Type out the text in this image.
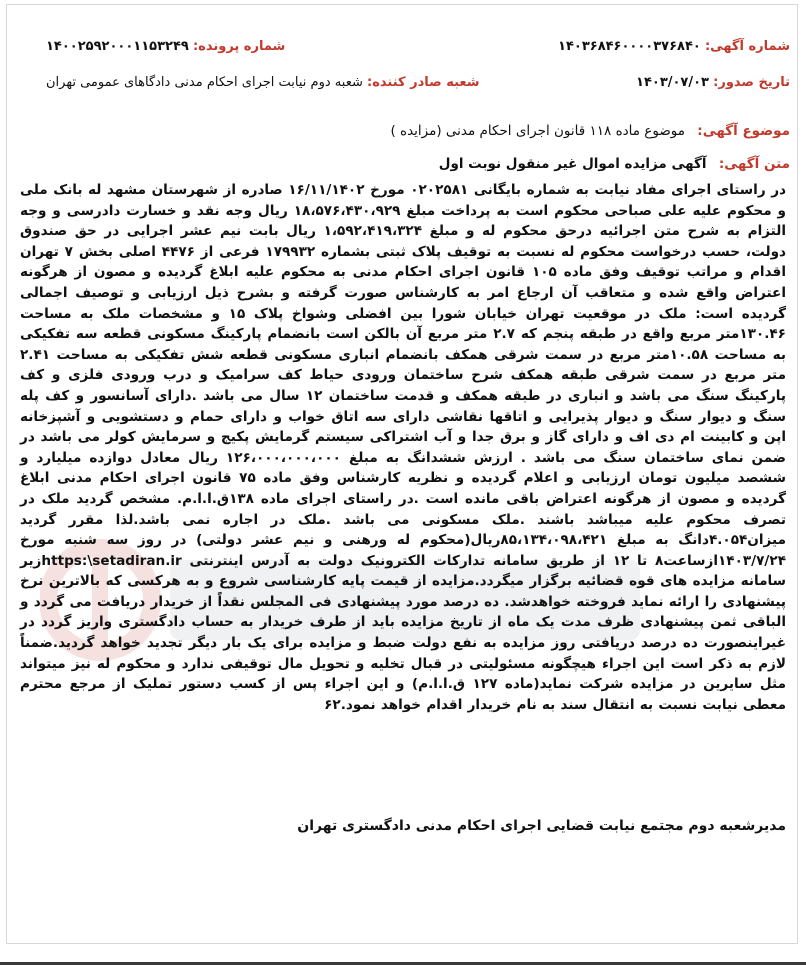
شماره آگهی: ۱۴۰۳۶۸۴۶۰۰۰۰۳۷۶۸۴۰
شماره پرونده: ۱۴۰۰۲۵۹۲۰۰۰۱۱۵۳۲۴۹
تاریخ صدور: ۱۴۰۳/۰۷/۰۳
شعبه صادر کننده: شعبه دوم نیابت اجرای احکام مدنی دادگاهای عمومی تهران
موضوع آگهی: موضوع ماده ۱۱۸ قانون اجرای احکام مدنی (مزایده )
متن آگهی: آگهی مزایده اموال غیر منقول نوبت اول
در راستای اجرای مفاد نیابت به شماره بایگانی ۰۲۰۲۵۸۱ مورخ ۱۶/۱۱/۱۴۰۲ صادره از شهرستان مشهد له بانک ملی و محکوم علیه علی صباحی محکوم است به پرداخت مبلغ ۱۸،۵۷۶،۴۳۰،۹۲۹ ریال وجه نقد و خسارت دادرسی و وجه التزام به شرح متن اجرائیه درحق محکوم له و مبلغ ۱،۵۹۲،۴۱۹،۳۲۴ ریال بابت نیم عشر اجرایی در حق صندوق دولت، حسب درخواست محکوم له نسبت به توقیف پلاک ثبتی بشماره ۱۷۹۹۳۲ فرعی از ۴۴۷۶ اصلی بخش ۷ تهران اقدام و مراتب توقیف وفق ماده ۱۰۵ قانون اجرای احکام مدنی به محکوم علیه ابلاغ گردیده و مصون از هرگونه اعتراض واقع شده و متعاقب آن ارجاع امر به کارشناس صورت گرفته و بشرح ذیل ارزیابی و توصیف اجمالی گردیده است: ملک در موقعیت تهران خیابان شورا بین افضلی وشواخ پلاک ۱۵ و مشخصات ملک به مساحت ۱۳۰.۴۶متر مربع واقع در طبقه پنجم که ۲.۷ متر مربع آن بالکن است بانضمام پارکینگ مسکونی قطعه سه تفکیکی به مساحت ۱۰.۵۸متر مربع در سمت شرقی همکف بانضمام انباری مسکونی قطعه شش تفکیکی به مساحت ۲.۴۱ متر مربع در سمت شرقی طبقه همکف شرح ساختمان ورودی حیاط کف سرامیک و درب ورودی فلزی و کف پارکینگ سنگ می باشد و انباری در طبقه همکف و قدمت ساختمان ۱۲ سال می باشد .دارای آسانسور و کف پله سنگ و دیوار سنگ و دیوار پذیرایی و اتاقها نقاشی دارای سه اتاق خواب و دارای حمام و دستشویی و آشپزخانه اپن و کابینت ام دی اف و دارای گاز و برق جدا و آب اشتراکی سیستم گرمایش پکیج و سرمایش کولر می باشد در ضمن نمای ساختمان سنگ می باشد . ارزش ششدانگ به مبلغ ۱۲۶،۰۰۰،۰۰۰،۰۰۰ ریال معادل دوازده میلیارد و ششصد میلیون تومان ارزیابی و اعلام گردیده و نظریه کارشناس وفق ماده ۷۵ قانون اجرای احکام مدنی ابلاغ گردیده و مصون از هرگونه اعتراض باقی مانده است .در راستای اجرای ماده ۱۳۸ق.ا.ا.م. مشخص گردید ملک در تصرف محکوم علیه میباشد باشند .ملک مسکونی می باشد .ملک در اجاره نمی باشد.لذا مقرر گردید میزان۴.۰۵۴دانگ به مبلغ ۸۵،۱۳۴،۰۹۸،۴۲۱ریال(محکوم له ورهنی و نیم عشر دولتی) در روز سه شنبه مورخ ۱۴۰۳/۷/۲۴ازساعت۸ تا ۱۲ از طریق سامانه تدارکات الکترونیک دولت به آدرس اینترنتی https:\setadiran.irزیر سامانه مزایده های قوه قضائیه برگزار میگردد.مزایده از قیمت پایه کارشناسی شروع و به هرکسی که بالاترین نرخ پیشنهادی را ارائه نماید فروخته خواهدشد. ده درصد مورد پیشنهادی فی المجلس نقداً از خریدار دریافت می گردد و الباقی ثمن پیشنهادی ظرف مدت یک ماه از تاریخ مزایده باید از طرف خریدار به حساب دادگستری واریز گردد در غیراینصورت ده درصد دریافتی روز مزایده به نفع دولت ضبط و مزایده برای یک بار دیگر تجدید خواهد گردید.ضمناً لازم به ذکر است این اجراء هیچگونه مسئولیتی در قبال تخلیه و تحویل مال توقیفی ندارد و محکوم له نیز میتواند مثل سایرین در مزایده شرکت نماید(ماده ۱۲۷ ق.ا.ا.م) و این اجراء پس از کسب دستور تملیک از مرجع محترم معطی نیابت نسبت به انتقال سند به نام خریدار اقدام خواهد نمود.۶۲
مدیرشعبه دوم مجتمع نیابت قضایی اجرای احکام مدنی دادگستری تهران
